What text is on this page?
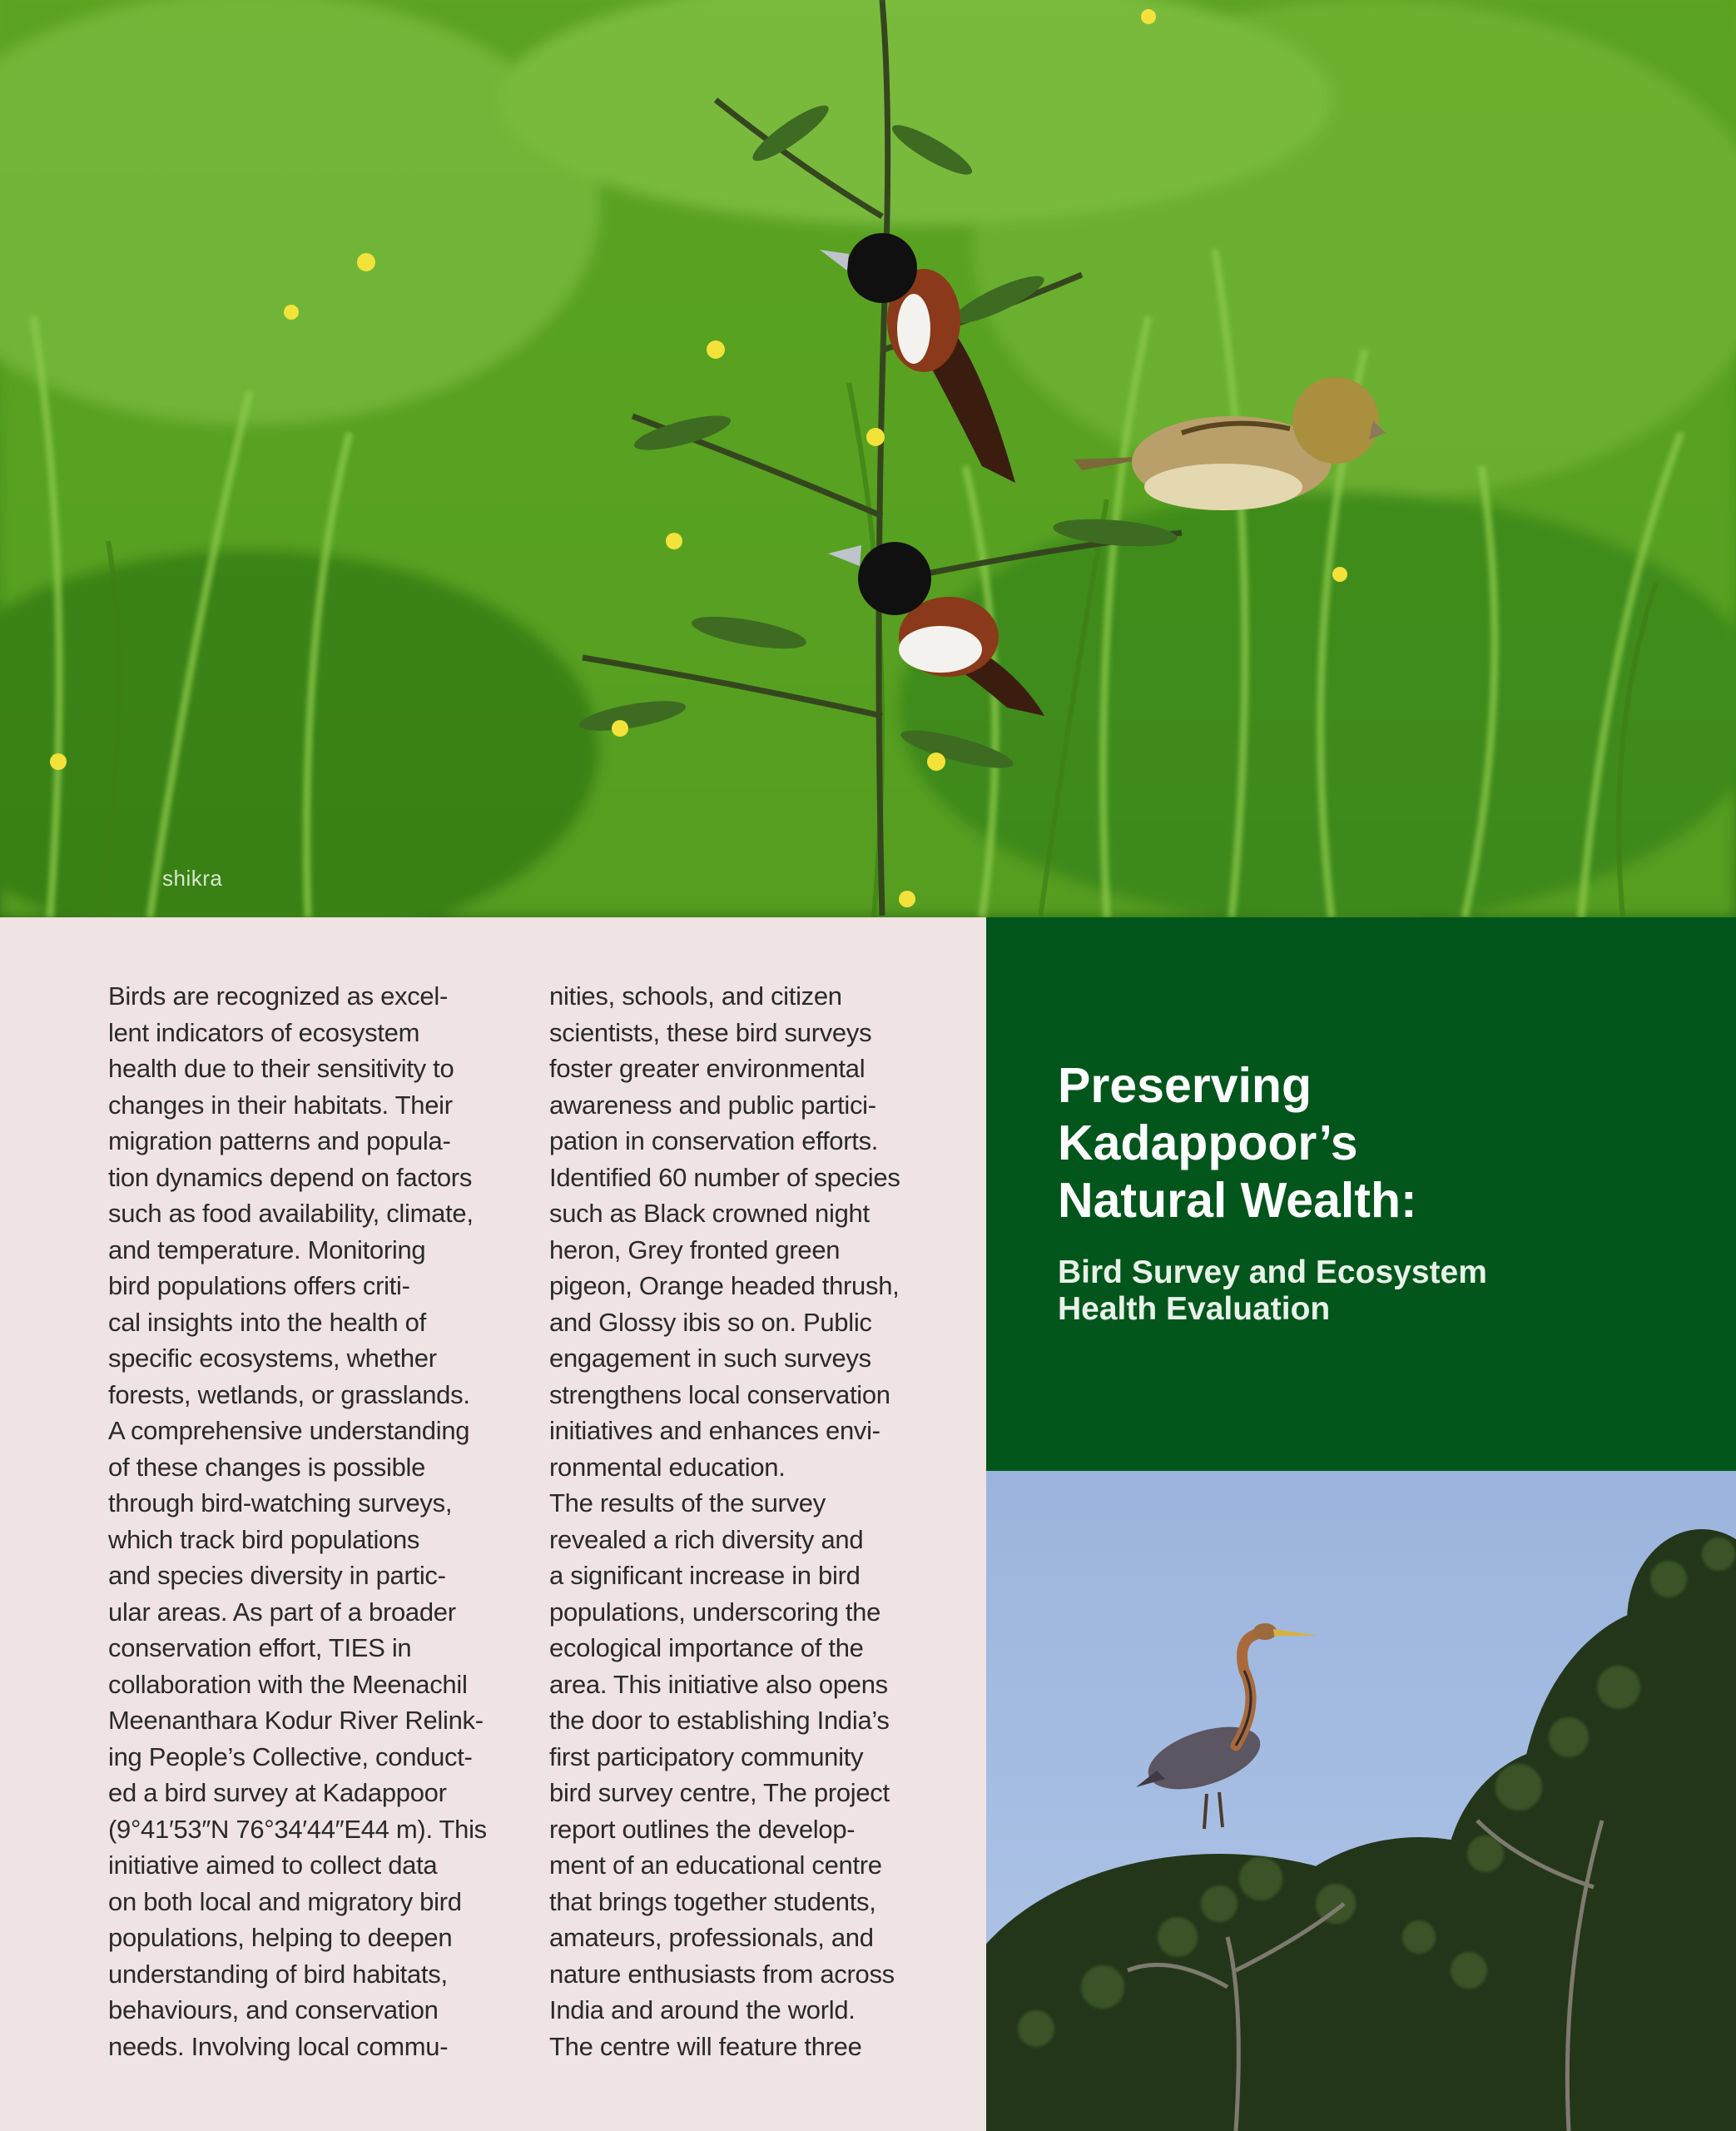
shikra
Birds are recognized as excel-
lent indicators of ecosystem
health due to their sensitivity to
changes in their habitats. Their
migration patterns and popula-
tion dynamics depend on factors
such as food availability, climate,
and temperature. Monitoring
bird populations offers criti-
cal insights into the health of
specific ecosystems, whether
forests, wetlands, or grasslands.
A comprehensive understanding
of these changes is possible
through bird-watching surveys,
which track bird populations
and species diversity in partic-
ular areas. As part of a broader
conservation effort, TIES in
collaboration with the Meenachil
Meenanthara Kodur River Relink-
ing People’s Collective, conduct-
ed a bird survey at Kadappoor
(9°41′53″N 76°34′44″E44 m). This
initiative aimed to collect data
on both local and migratory bird
populations, helping to deepen
understanding of bird habitats,
behaviours, and conservation
needs. Involving local commu-
nities, schools, and citizen
scientists, these bird surveys
foster greater environmental
awareness and public partici-
pation in conservation efforts.
Identified 60 number of species
such as Black crowned night
heron, Grey fronted green
pigeon, Orange headed thrush,
and Glossy ibis so on. Public
engagement in such surveys
strengthens local conservation
initiatives and enhances envi-
ronmental education.
The results of the survey
revealed a rich diversity and
a significant increase in bird
populations, underscoring the
ecological importance of the
area. This initiative also opens
the door to establishing India’s
first participatory community
bird survey centre, The project
report outlines the develop-
ment of an educational centre
that brings together students,
amateurs, professionals, and
nature enthusiasts from across
India and around the world.
The centre will feature three
Preserving
Kadappoor’s
Natural Wealth:
Bird Survey and Ecosystem
Health Evaluation
